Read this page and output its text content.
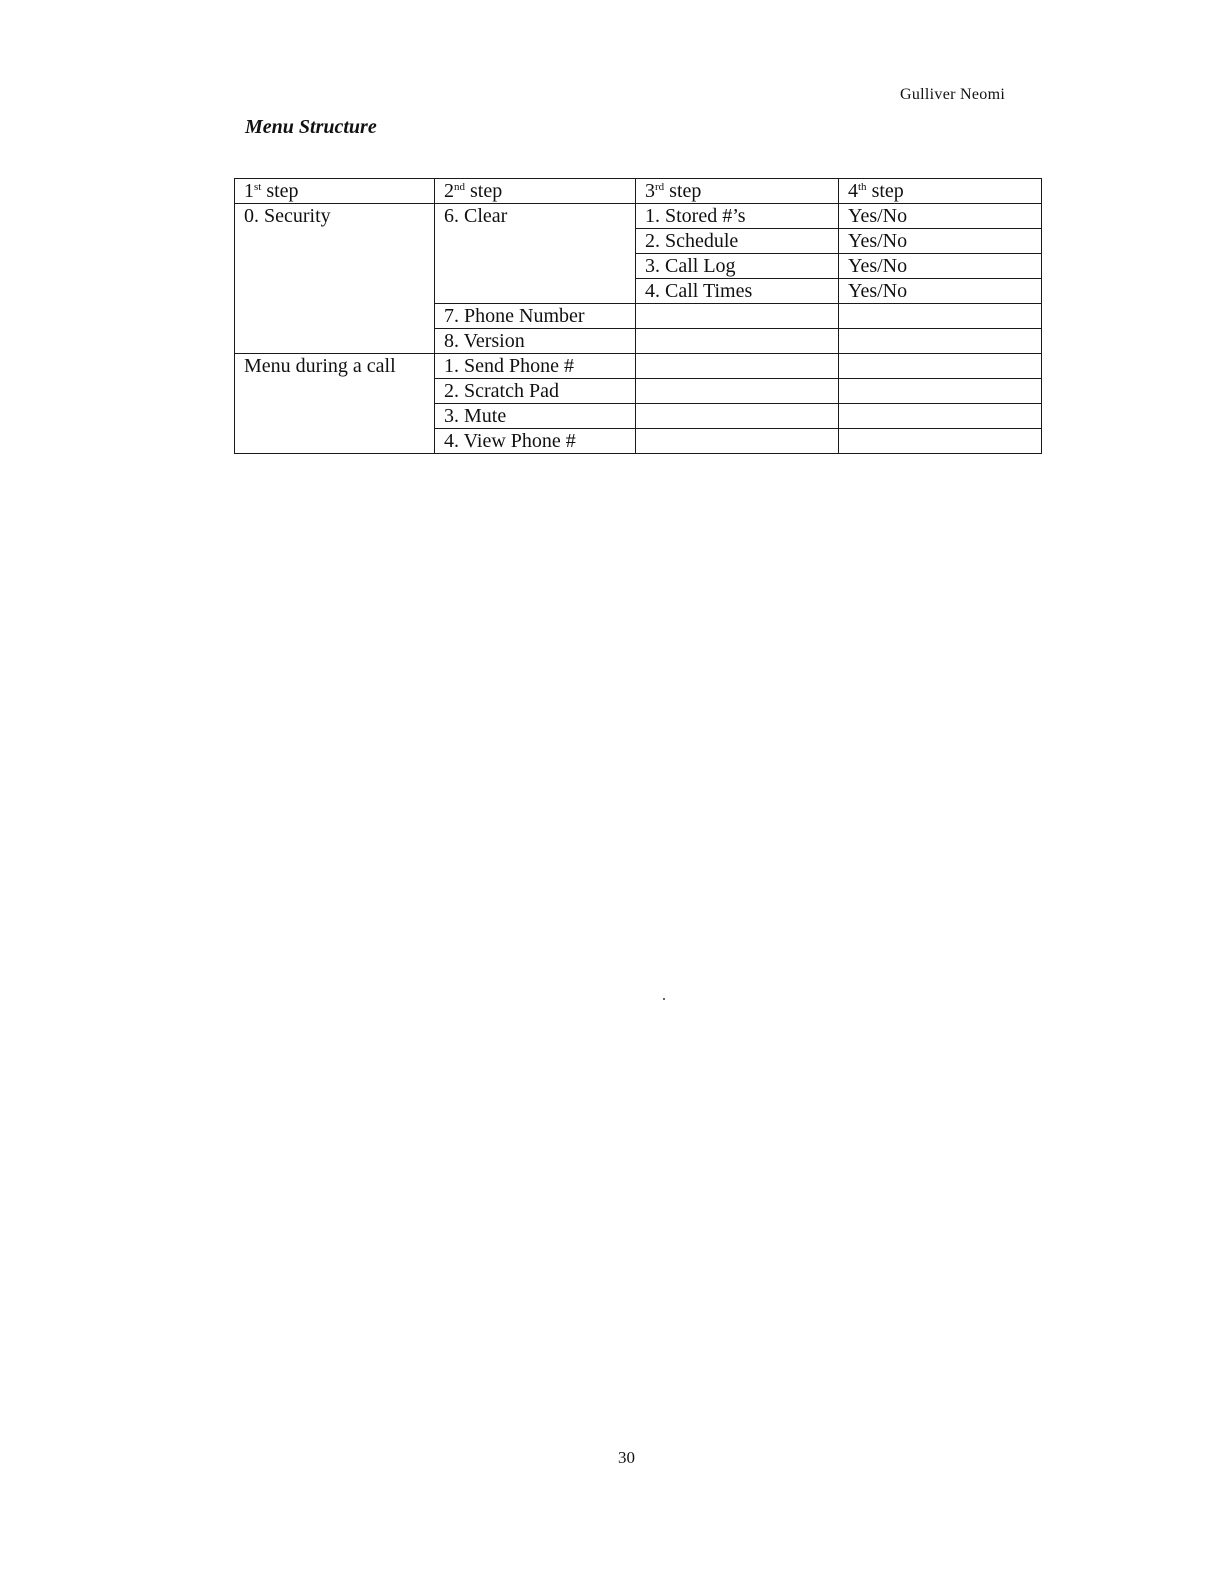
Gulliver Neomi
Menu Structure
1st step	2nd step	3rd step	4th step
0. Security	6. Clear	1. Stored #’s	Yes/No
		2. Schedule	Yes/No
		3. Call Log	Yes/No
		4. Call Times	Yes/No
	7. Phone Number		
	8. Version		
Menu during a call	1. Send Phone #		
	2. Scratch Pad		
	3. Mute		
	4. View Phone #		
30
